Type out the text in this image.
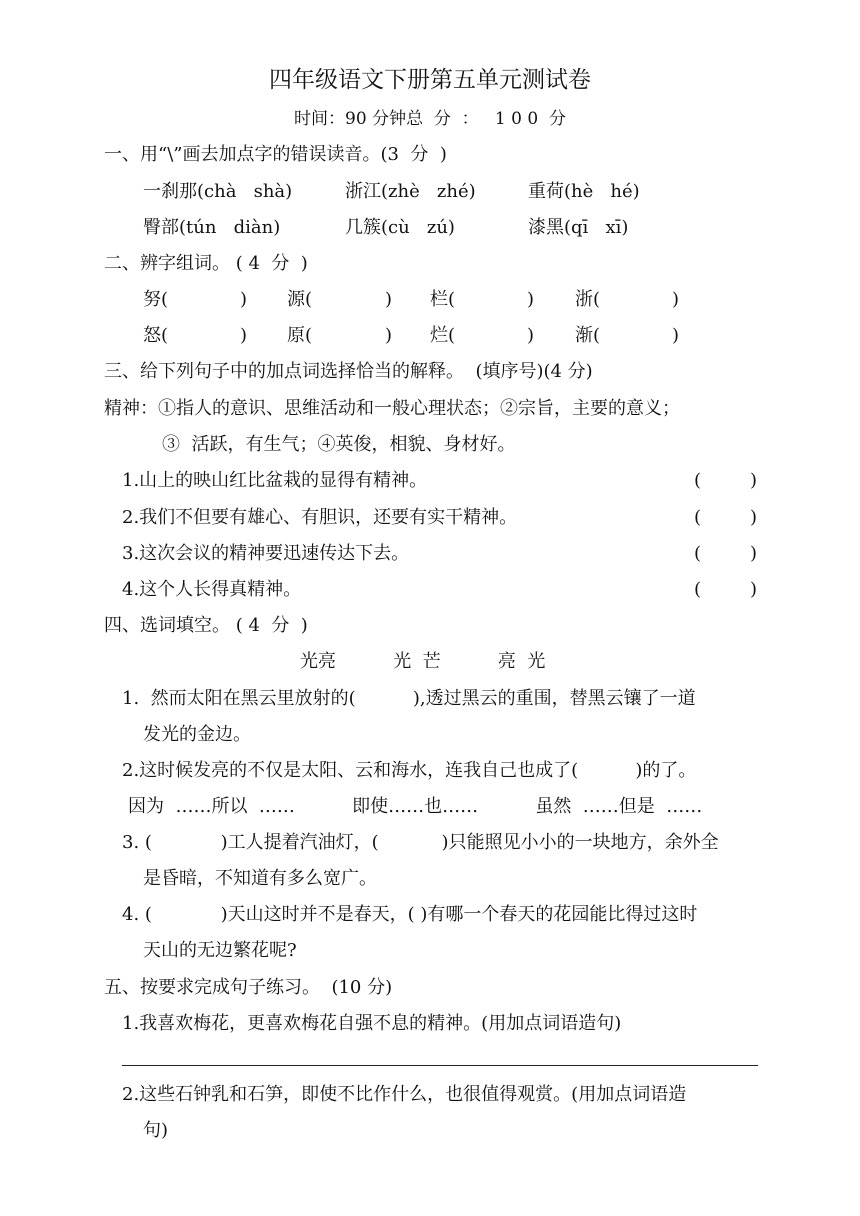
四年级语文下册第五单元测试卷
时间：90 分钟总  分  ：   1 0 0  分
一、用“\”画去加点字的错误读音。(3  分  )
一刹那(chà   shà)	浙江(zhè   zhé)	重荷(hè   hé)
臀部(tún   diàn)	几簇(cù   zú)	漆黑(qī   xī)
二、辨字组词。 ( 4  分  )
努(	) 源(	) 栏(	) 浙(	)
怒(	) 原(	) 烂(	) 渐(	)
三、给下列句子中的加点词选择恰当的解释。  (填序号)(4 分)
精神：①指人的意识、思维活动和一般心理状态；②宗旨，主要的意义；
③  活跃，有生气；④英俊，相貌、身材好。
1.山上的映山红比盆栽的显得有精神。	(	)
2.我们不但要有雄心、有胆识，还要有实干精神。	(	)
3.这次会议的精神要迅速传达下去。	(	)
4.这个人长得真精神。	(	)
四、选词填空。 ( 4  分  )
光亮          光  芒          亮  光
1.  然而太阳在黑云里放射的(          ),透过黑云的重围，替黑云镶了一道
发光的金边。
2.这时候发亮的不仅是太阳、云和海水，连我自己也成了(          )的了。
因为  ……所以  ……          即使……也……          虽然  ……但是  ……
3. (            )工人提着汽油灯，(           )只能照见小小的一块地方，余外全
是昏暗，不知道有多么宽广。
4. (            )天山这时并不是春天，( )有哪一个春天的花园能比得过这时
天山的无边繁花呢?
五、按要求完成句子练习。  (10 分)
1.我喜欢梅花，更喜欢梅花自强不息的精神。(用加点词语造句)
2.这些石钟乳和石笋，即使不比作什么，也很值得观赏。(用加点词语造
句)
